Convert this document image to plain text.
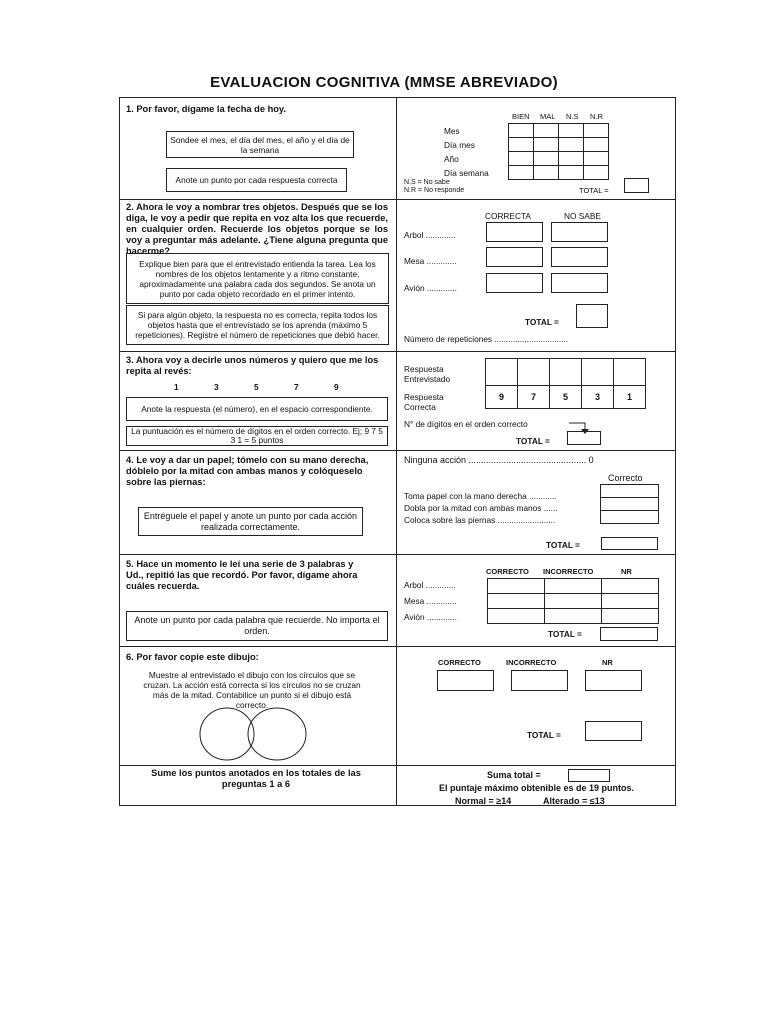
EVALUACION COGNITIVA (MMSE ABREVIADO)
1. Por favor, dígame la fecha de hoy.
Sondee el mes, el día del mes, el año y el día de la semana
Anote un punto por cada respuesta correcta
BIEN MAL N.S N.R
Mes
Día mes
Año
Día semana

N.S = No sabe
N.R = No responde	TOTAL =
2. Ahora le voy a nombrar tres objetos. Después que se los diga, le voy a pedir que repita en voz alta los que recuerde, en cualquier orden. Recuerde los objetos porque se los voy a preguntar más adelante. ¿Tiene alguna pregunta que hacerme?
Explique bien para que el entrevistado entienda la tarea. Lea los nombres de los objetos lentamente y a ritmo constante, aproximadamente una palabra cada dos segundos. Se anota un punto por cada objeto recordado en el primer intento.
Si para algún objeto, la respuesta no es correcta, repita todos los objetos hasta que el entrevistado se los aprenda (máximo 5 repeticiones). Registre el número de repeticiones que debió hacer.
CORRECTA	NO SABE
Arbol .............
Mesa .............
Avión .............
TOTAL =
Número de repeticiones ................................
3. Ahora voy a decirle unos números y quiero que me los repita al revés:
1	3	5	7	9
Anote la respuesta (el número), en el espacio correspondiente.
La puntuación es el número de dígitos en el orden correcto. Ej; 9 7 5 3 1 = 5 puntos
Respuesta Entrevistado
Respuesta Correcta

9	7	5	3	1
N° de dígitos en el orden correcto
TOTAL =
4. Le voy a dar un papel; tómelo con su mano derecha, dóblelo por la mitad con ambas manos y colóqueselo sobre las piernas:
Entréguele el papel y anote un punto por cada acción realizada correctamente.
Ninguna acción ............................................... 0
Correcto
Toma papel con la mano derecha ............
Dobla por la mitad con ambas manos ......
Coloca sobre las piernas .........................

TOTAL =
5. Hace un momento le leí una serie de 3 palabras y Ud., repitió las que recordó. Por favor, dígame ahora cuáles recuerda.
Anote un punto por cada palabra que recuerde. No importa el orden.
CORRECTO INCORRECTO	NR
Arbol .............
Mesa .............
Avión .............

TOTAL =
6. Por favor copie este dibujo:
Muestre al entrevistado el dibujo con los círculos que se cruzan. La acción está correcta si los círculos no se cruzan más de la mitad. Contabilice un punto si el dibujo está correcto.
CORRECTO	INCORRECTO	NR
TOTAL =
Sume los puntos anotados en los totales de las preguntas 1 a 6
Suma total =
El puntaje máximo obtenible es de 19 puntos.
Normal = ≥14	Alterado = ≤13
